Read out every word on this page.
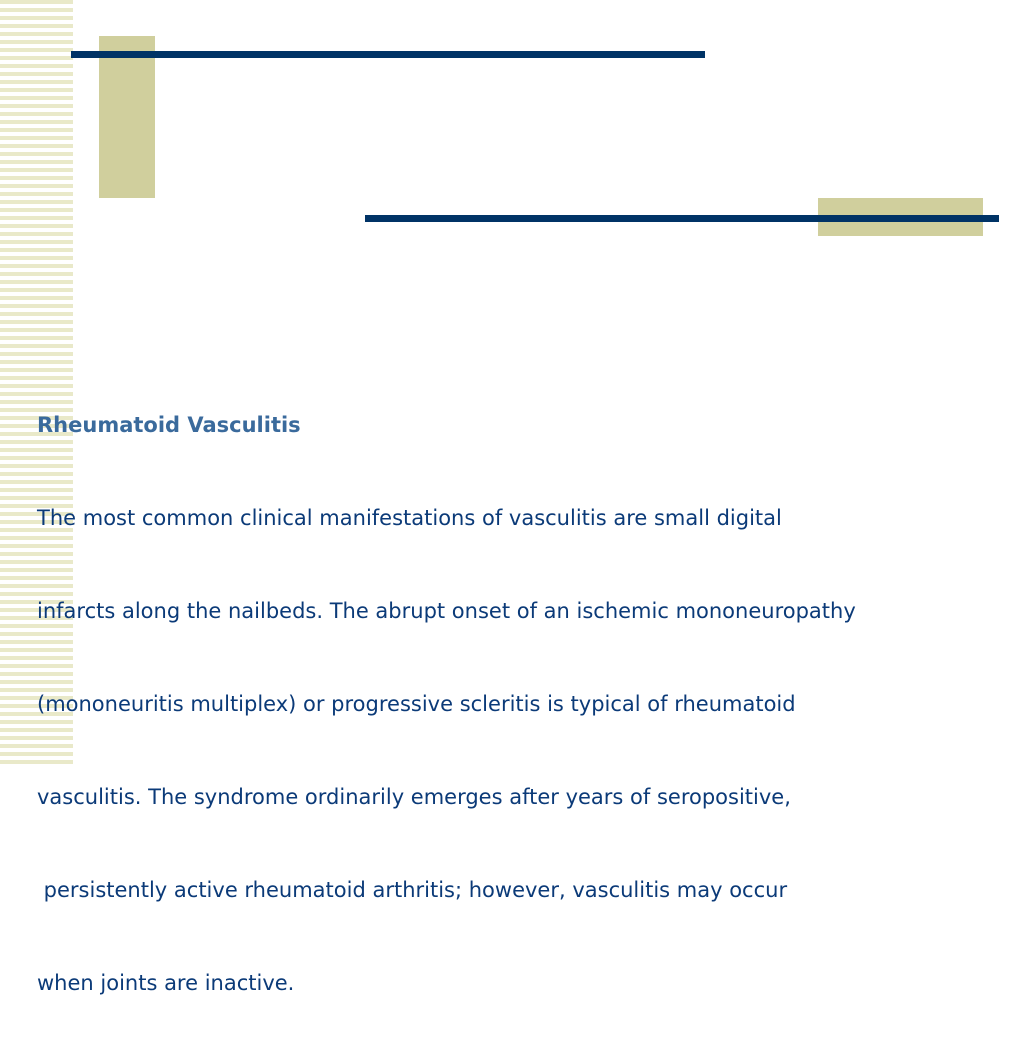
Rheumatoid Vasculitis

The most common clinical manifestations of vasculitis are small digital

infarcts along the nailbeds. The abrupt onset of an ischemic mononeuropathy

(mononeuritis multiplex) or progressive scleritis is typical of rheumatoid

vasculitis. The syndrome ordinarily emerges after years of seropositive,

persistently active rheumatoid arthritis; however, vasculitis may occur

when joints are inactive.
